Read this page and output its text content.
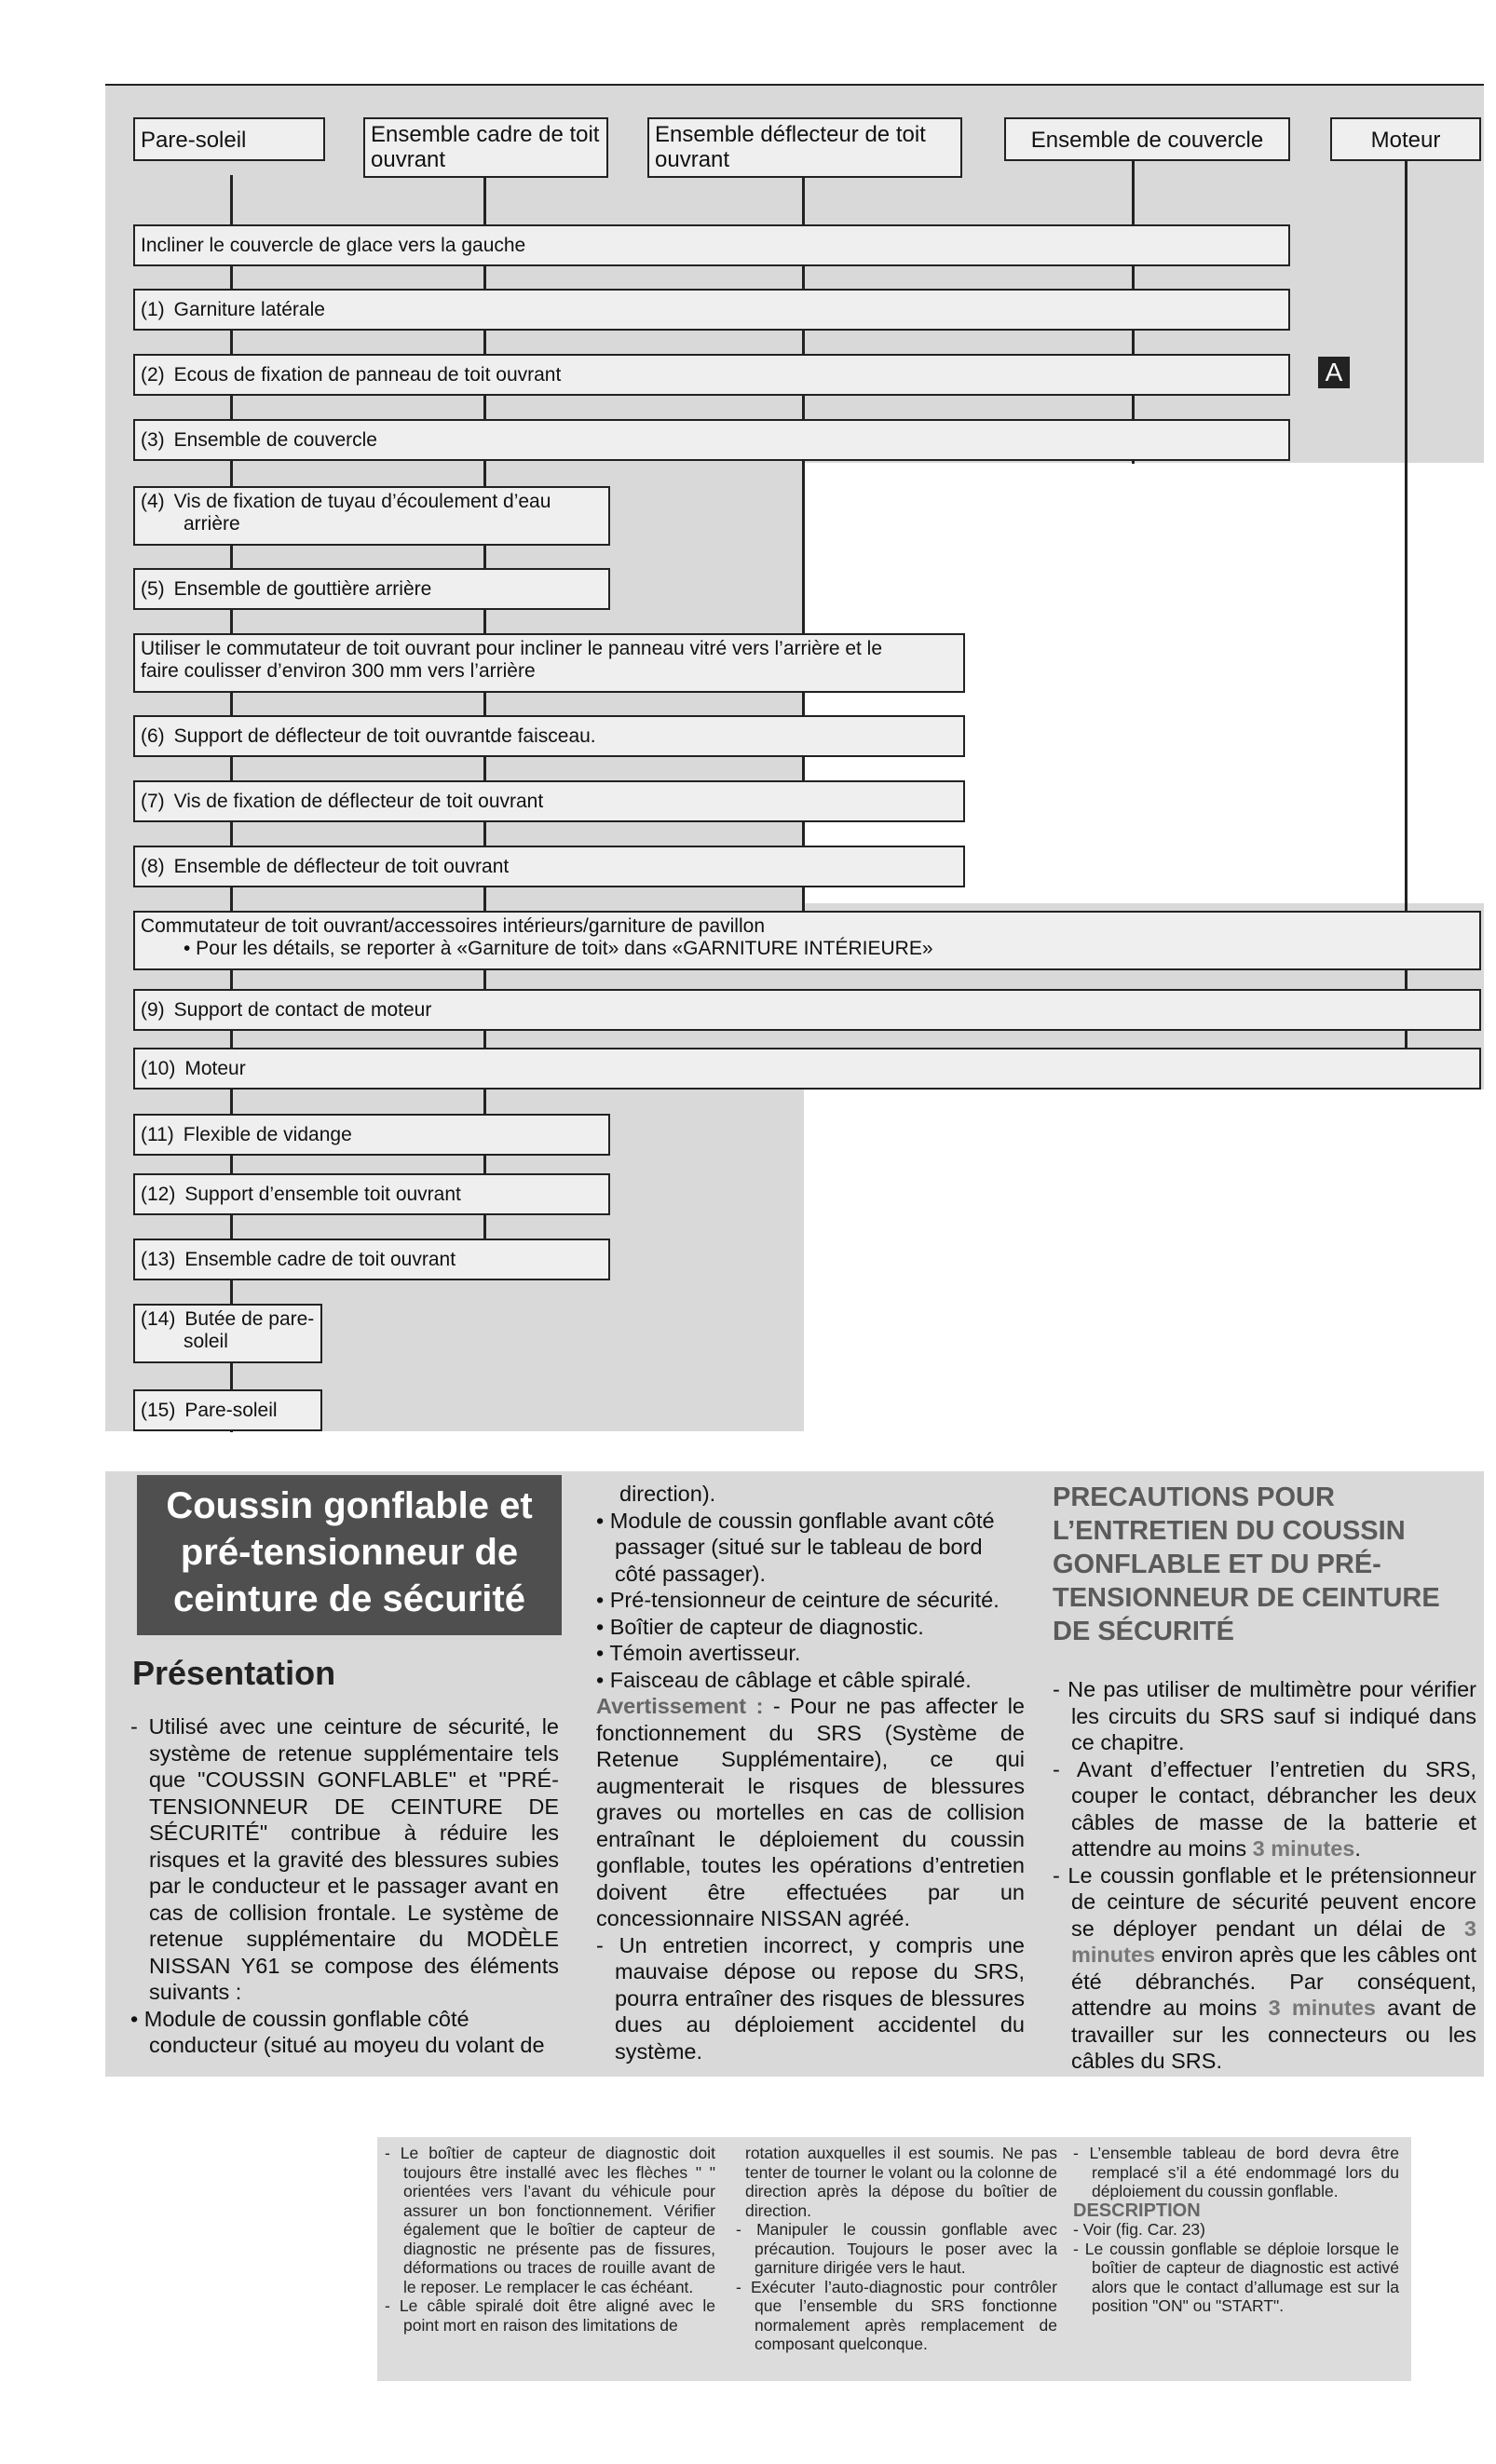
Pare-soleil	Ensemble cadre de toit ouvrant
Ensemble déflecteur de toit ouvrant
Ensemble de couvercle	Moteur
Incliner le couvercle de glace vers la gauche
(1) Garniture latérale
(2) Ecous de fixation de panneau de toit ouvrant	A
(3) Ensemble de couvercle
(4) Vis de fixation de tuyau d’écoulement d’eau
arrière
(5) Ensemble de gouttière arrière
Utiliser le commutateur de toit ouvrant pour incliner le panneau vitré vers l’arrière et le
faire coulisser d’environ 300 mm vers l’arrière
(6) Support de déflecteur de toit ouvrantde faisceau.
(7) Vis de fixation de déflecteur de toit ouvrant
(8) Ensemble de déflecteur de toit ouvrant
Commutateur de toit ouvrant/accessoires intérieurs/garniture de pavillon
• Pour les détails, se reporter à «Garniture de toit» dans «GARNITURE INTÉRIEURE»
(9) Support de contact de moteur
(10) Moteur
(11) Flexible de vidange
(12) Support d’ensemble toit ouvrant
(13) Ensemble cadre de toit ouvrant
(14) Butée de pare-
soleil
(15) Pare-soleil
Coussin gonflable et pré-tensionneur de ceinture de sécurité
Présentation

- Utilisé avec une ceinture de sécurité, le système de retenue supplémentaire tels que "COUSSIN GONFLABLE" et "PRÉ-TENSIONNEUR DE CEINTURE DE SÉCURITÉ" contribue à réduire les risques et la gravité des blessures subies par le conducteur et le passager avant en cas de collision frontale. Le système de retenue supplémentaire du MODÈLE NISSAN Y61 se compose des éléments suivants :

• Module de coussin gonflable côté conducteur (situé au moyeu du volant de

direction).

• Module de coussin gonflable avant côté passager (situé sur le tableau de bord côté passager).

• Pré-tensionneur de ceinture de sécurité.

• Boîtier de capteur de diagnostic.

• Témoin avertisseur.

• Faisceau de câblage et câble spiralé.

Avertissement : - Pour ne pas affecter le fonctionnement du SRS (Système de Retenue Supplémentaire), ce qui augmenterait le risques de blessures graves ou mortelles en cas de collision entraînant le déploiement du coussin gonflable, toutes les opérations d’entretien doivent être effectuées par un concessionnaire NISSAN agréé.

- Un entretien incorrect, y compris une mauvaise dépose ou repose du SRS, pourra entraîner des risques de blessures dues au déploiement accidentel du système.

PRECAUTIONS POUR L’ENTRETIEN DU COUSSIN GONFLABLE ET DU PRÉ-TENSIONNEUR DE CEINTURE DE SÉCURITÉ

- Ne pas utiliser de multimètre pour vérifier les circuits du SRS sauf si indiqué dans ce chapitre.

- Avant d’effectuer l’entretien du SRS, couper le contact, débrancher les deux câbles de masse de la batterie et attendre au moins 3 minutes.

- Le coussin gonflable et le prétensionneur de ceinture de sécurité peuvent encore se déployer pendant un délai de 3 minutes environ après que les câbles ont été débranchés. Par conséquent, attendre au moins 3 minutes avant de travailler sur les connecteurs ou les câbles du SRS.

- Le boîtier de capteur de diagnostic doit toujours être installé avec les flèches " " orientées vers l’avant du véhicule pour assurer un bon fonctionnement. Vérifier également que le boîtier de capteur de diagnostic ne présente pas de fissures, déformations ou traces de rouille avant de le reposer. Le remplacer le cas échéant.

- Le câble spiralé doit être aligné avec le point mort en raison des limitations de

rotation auxquelles il est soumis. Ne pas tenter de tourner le volant ou la colonne de direction après la dépose du boîtier de direction.

- Manipuler le coussin gonflable avec précaution. Toujours le poser avec la garniture dirigée vers le haut.

- Exécuter l’auto-diagnostic pour contrôler que l’ensemble du SRS fonctionne normalement après remplacement de composant quelconque.

- L’ensemble tableau de bord devra être remplacé s’il a été endommagé lors du déploiement du coussin gonflable.

DESCRIPTION

- Voir (fig. Car. 23)

- Le coussin gonflable se déploie lorsque le boîtier de capteur de diagnostic est activé alors que le contact d’allumage est sur la position "ON" ou "START".
